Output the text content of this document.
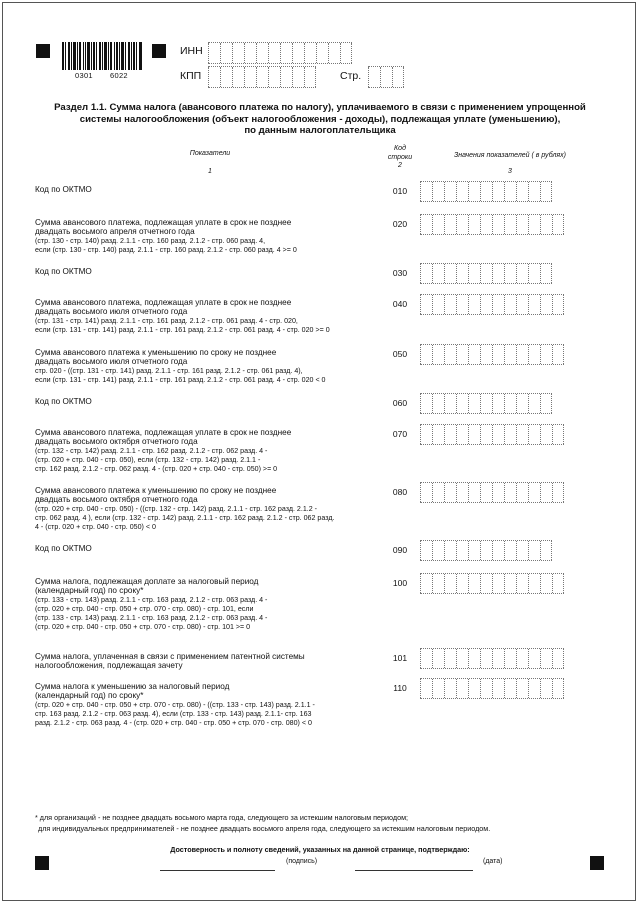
0301 6022
ИНН
КПП	Стр.
Раздел 1.1. Сумма налога (авансового платежа по налогу), уплачиваемого в связи с применением упрощенной
системы налогообложения (объект налогообложения - доходы), подлежащая уплате (уменьшению),
по данным налогоплательщика
Показатели
1
Код
строки
2
Значения показателей ( в рублях)
3
Код по ОКТМО	010
Сумма авансового платежа, подлежащая уплате в срок не позднее
двадцать восьмого апреля отчетного года
(стр. 130 - стр. 140) разд. 2.1.1 - стр. 160 разд. 2.1.2 - стр. 060 разд. 4,
если (стр. 130 - стр. 140) разд. 2.1.1 - стр. 160 разд. 2.1.2 - стр. 060 разд. 4 >= 0
020
Код по ОКТМО	030
Сумма авансового платежа, подлежащая уплате в срок не позднее
двадцать восьмого июля отчетного года
(стр. 131 - стр. 141) разд. 2.1.1 - стр. 161 разд. 2.1.2 - стр. 061 разд. 4 - стр. 020,
если (стр. 131 - стр. 141) разд. 2.1.1 - стр. 161 разд. 2.1.2 - стр. 061 разд. 4 - стр. 020 >= 0
040
Сумма авансового платежа к уменьшению по сроку не позднее
двадцать восьмого июля отчетного года
стр. 020 - ((стр. 131 - стр. 141) разд. 2.1.1 - стр. 161 разд. 2.1.2 - стр. 061 разд. 4),
если (стр. 131 - стр. 141) разд. 2.1.1 - стр. 161 разд. 2.1.2 - стр. 061 разд. 4 - стр. 020 < 0
050
Код по ОКТМО	060
Сумма авансового платежа, подлежащая уплате в срок не позднее
двадцать восьмого октября отчетного года
(стр. 132 - стр. 142) разд. 2.1.1 - стр. 162 разд. 2.1.2 - стр. 062 разд. 4 -
(стр. 020 + стр. 040 - стр. 050), если (стр. 132 - стр. 142) разд. 2.1.1 -
стр. 162 разд. 2.1.2 - стр. 062 разд. 4 - (стр. 020 + стр. 040 - стр. 050) >= 0
070
Сумма авансового платежа к уменьшению по сроку не позднее
двадцать восьмого октября отчетного года
(стр. 020 + стр. 040 - стр. 050) - ((стр. 132 - стр. 142) разд. 2.1.1 - стр. 162 разд. 2.1.2 -
стр. 062 разд. 4 ), если (стр. 132 - стр. 142) разд. 2.1.1 - стр. 162 разд. 2.1.2 - стр. 062 разд.
4 - (стр. 020 + стр. 040 - стр. 050) < 0
080
Код по ОКТМО	090
Сумма налога, подлежащая доплате за налоговый период
(календарный год) по сроку*
(стр. 133 - стр. 143) разд. 2.1.1 - стр. 163 разд. 2.1.2 - стр. 063 разд. 4 -
(стр. 020 + стр. 040 - стр. 050 + стр. 070 - стр. 080) - стр. 101, если
(стр. 133 - стр. 143) разд. 2.1.1 - стр. 163 разд. 2.1.2 - стр. 063 разд. 4 -
(стр. 020 + стр. 040 - стр. 050 + стр. 070 - стр. 080) - стр. 101 >= 0
100
Сумма налога, уплаченная в связи с применением патентной системы
налогообложения, подлежащая зачету
101
Сумма налога к уменьшению за налоговый период
(календарный год) по сроку*
(стр. 020 + стр. 040 - стр. 050 + стр. 070 - стр. 080) - ((стр. 133 - стр. 143) разд. 2.1.1 -
стр. 163 разд. 2.1.2 - стр. 063 разд. 4), если (стр. 133 - стр. 143) разд. 2.1.1- стр. 163
разд. 2.1.2 - стр. 063 разд. 4 - (стр. 020 + стр. 040 - стр. 050 + стр. 070 - стр. 080) < 0
110
* для организаций - не позднее двадцать восьмого марта года, следующего за истекшим налоговым периодом;
для индивидуальных предпринимателей - не позднее двадцать восьмого апреля года, следующего за истекшим налоговым периодом.
Достоверность и полноту сведений, указанных на данной странице, подтверждаю:
(подпись)	(дата)
